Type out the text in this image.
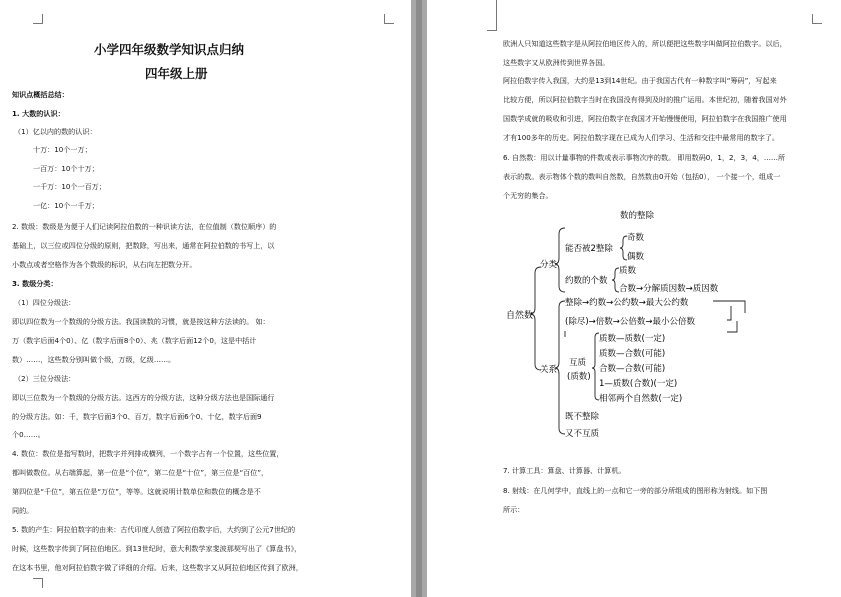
小学四年级数学知识点归纳
四年级上册
知识点概括总结：
1. 大数的认识：
（1）亿以内的数的认识：
十万：10个一万；
一百万：10个十万；
一千万：10个一百万；
一亿：10个一千万；
2. 数级：数级是为便于人们记读阿拉伯数的一种识读方法，在位值制（数位顺序）的
基础上，以三位或四位分级的原则，把数除，写出来，通常在阿拉伯数的书写上，以
小数点或者空格作为各个数级的标识，从右向左把数分开。
3. 数级分类：
（1）四位分级法：
即以四位数为一个数级的分级方法。我国读数的习惯，就是按这种方法读的。 如：
万（数字后面4个0）、亿（数字后面8个0）、兆（数字后面12个0，这是中括计
数）……，这些数分别叫做个级，万级，亿级……。
（2）三位分级法：
即以三位数为一个数级的分级方法。这西方的分级方法，这种分级方法也是国际通行
的分级方法。如：千，数字后面3个0、百万，数字后面6个0、十亿，数字后面9
个0……。
4. 数位：数位是指写数时，把数字并列排成横列，一个数字占有一个位置，这些位置，
都叫做数位。从右端算起，第一位是“个位”，第二位是“十位”，第三位是“百位”，
第四位是“千位”，第五位是“万位”，等等。这就说明计数单位和数位的概念是不
同的。
5. 数的产生：阿拉伯数字的由来：古代印度人创造了阿拉伯数字后，大约到了公元7世纪的
时候，这些数字传到了阿拉伯地区。到13世纪时，意大利数学家斐波那契写出了《算盘书》，
在这本书里，他对阿拉伯数字做了详细的介绍。后来，这些数字又从阿拉伯地区传到了欧洲，
欧洲人只知道这些数字是从阿拉伯地区传入的，所以便把这些数字叫做阿拉伯数字。以后，
这些数字又从欧洲传到世界各国。
阿拉伯数字传入我国，大约是13到14世纪。由于我国古代有一种数字叫“筹码”，写起来
比较方便，所以阿拉伯数字当时在我国没有得到及时的推广运用。本世纪初，随着我国对外
国数学成就的吸收和引进，阿拉伯数字在我国才开始慢慢使用，阿拉伯数字在我国推广使用
才有100多年的历史。阿拉伯数字现在已成为人们学习、生活和交往中最常用的数字了。
6. 自然数：用以计量事物的件数或表示事物次序的数。 即用数码0，1，2，3，4，……所
表示的数。表示物体个数的数叫自然数，自然数由0开始（包括0）， 一个接一个，组成一
个无穷的集合。
数的整除
自然数
分类
关系
能否被2整除
奇数
偶数
约数的个数
质数
合数→分解质因数→质因数
整除→约数→公约数→最大公约数
(除尽)→倍数→公倍数→最小公倍数
互质
(质数)
质数—质数(一定)
质数—合数(可能)
合数—合数(可能)
1—质数(合数)(一定)
相邻两个自然数(一定)
既不整除
又不互质
7. 计算工具：算盘、计算器、计算机。
8. 射线：在几何学中，直线上的一点和它一旁的部分所组成的图形称为射线。如下图
所示：
